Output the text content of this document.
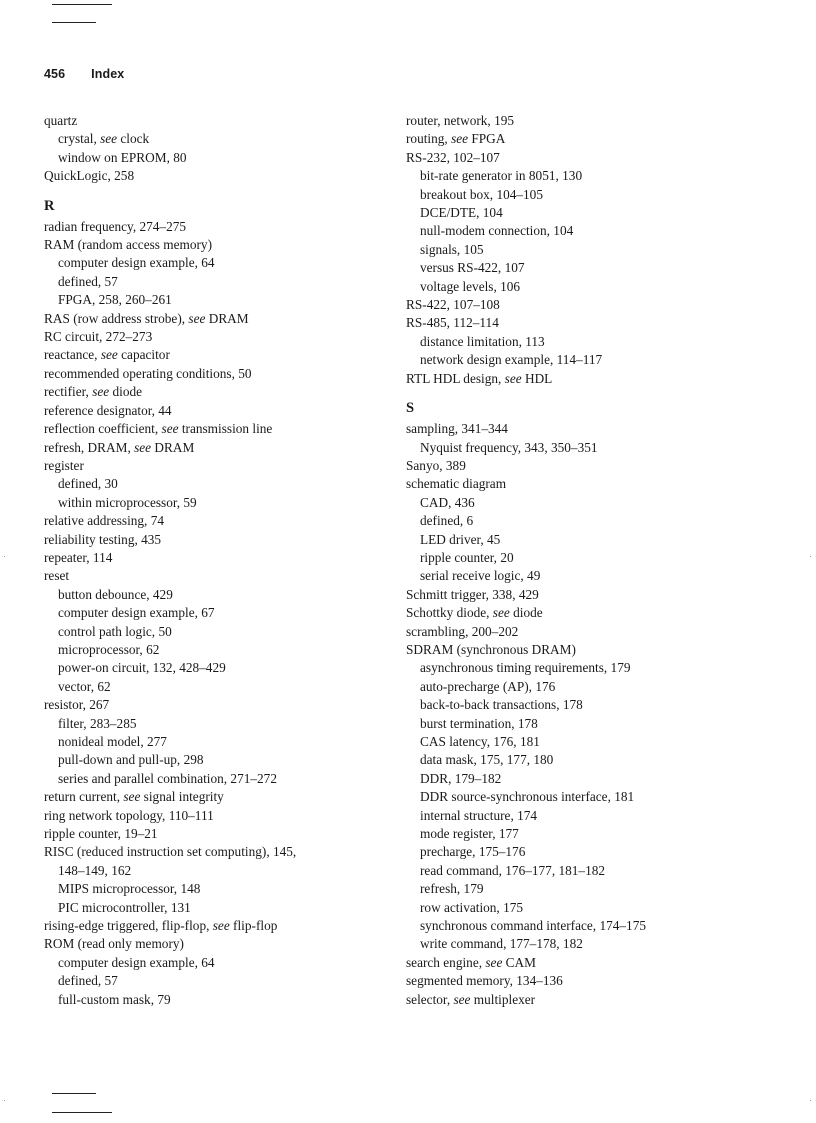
456 Index
quartz
crystal, see clock
window on EPROM, 80
QuickLogic, 258
R
radian frequency, 274–275
RAM (random access memory)
computer design example, 64
defined, 57
FPGA, 258, 260–261
RAS (row address strobe), see DRAM
RC circuit, 272–273
reactance, see capacitor
recommended operating conditions, 50
rectifier, see diode
reference designator, 44
reflection coefficient, see transmission line
refresh, DRAM, see DRAM
register
defined, 30
within microprocessor, 59
relative addressing, 74
reliability testing, 435
repeater, 114
reset
button debounce, 429
computer design example, 67
control path logic, 50
microprocessor, 62
power-on circuit, 132, 428–429
vector, 62
resistor, 267
filter, 283–285
nonideal model, 277
pull-down and pull-up, 298
series and parallel combination, 271–272
return current, see signal integrity
ring network topology, 110–111
ripple counter, 19–21
RISC (reduced instruction set computing), 145,
148–149, 162
MIPS microprocessor, 148
PIC microcontroller, 131
rising-edge triggered, flip-flop, see flip-flop
ROM (read only memory)
computer design example, 64
defined, 57
full-custom mask, 79
router, network, 195
routing, see FPGA
RS-232, 102–107
bit-rate generator in 8051, 130
breakout box, 104–105
DCE/DTE, 104
null-modem connection, 104
signals, 105
versus RS-422, 107
voltage levels, 106
RS-422, 107–108
RS-485, 112–114
distance limitation, 113
network design example, 114–117
RTL HDL design, see HDL
S
sampling, 341–344
Nyquist frequency, 343, 350–351
Sanyo, 389
schematic diagram
CAD, 436
defined, 6
LED driver, 45
ripple counter, 20
serial receive logic, 49
Schmitt trigger, 338, 429
Schottky diode, see diode
scrambling, 200–202
SDRAM (synchronous DRAM)
asynchronous timing requirements, 179
auto-precharge (AP), 176
back-to-back transactions, 178
burst termination, 178
CAS latency, 176, 181
data mask, 175, 177, 180
DDR, 179–182
DDR source-synchronous interface, 181
internal structure, 174
mode register, 177
precharge, 175–176
read command, 176–177, 181–182
refresh, 179
row activation, 175
synchronous command interface, 174–175
write command, 177–178, 182
search engine, see CAM
segmented memory, 134–136
selector, see multiplexer
